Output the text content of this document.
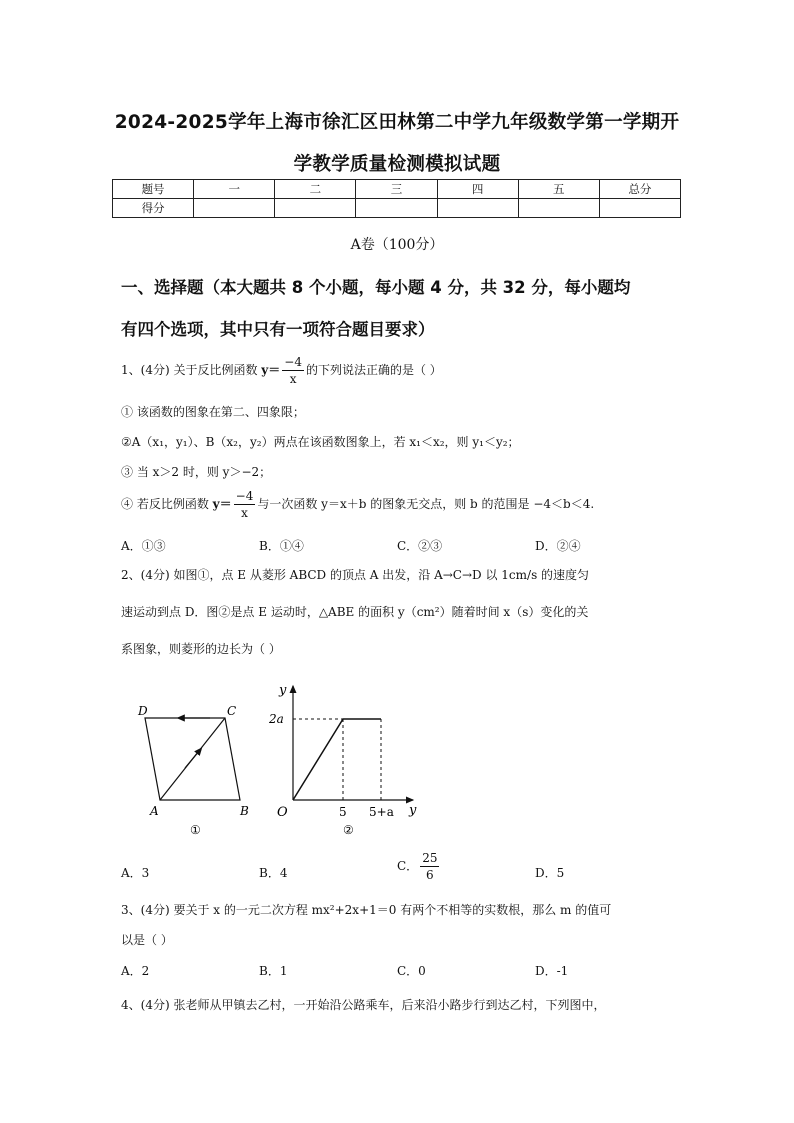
2024-2025学年上海市徐汇区田林第二中学九年级数学第一学期开
学教学质量检测模拟试题
题号	一	二	三	四	五	总分
得分						
A卷（100分）
一、选择题（本大题共 8 个小题，每小题 4 分，共 32 分，每小题均
有四个选项，其中只有一项符合题目要求）
1、(4分) 关于反比例函数 $y= \frac{-4}{x}$ 的下列说法正确的是（ ）
① 该函数的图象在第二、四象限；
②A（x₁，y₁）、B（x₂，y₂）两点在该函数图象上，若 x₁＜x₂，则 y₁＜y₂；
③ 当 x＞2 时，则 y＞−2；
④ 若反比例函数 $y= \frac{-4}{x}$ 与一次函数 y＝x＋b 的图象无交点，则 b 的范围是 −4＜b＜4.
A．①③	B．①④	C．②③	D．②④
2、(4分) 如图①，点 E 从菱形 ABCD 的顶点 A 出发，沿 A→C→D 以 1cm/s 的速度匀
速运动到点 D．图②是点 E 运动时，△ABE 的面积 y（cm²）随着时间 x（s）变化的关
系图象，则菱形的边长为（ ）
D	C
A	B
①
y
2a
O	5 5+a y
②
A．3	B．4	C． $\frac{25}{6}$	D．5
3、(4分) 要关于 x 的一元二次方程 mx²+2x+1＝0 有两个不相等的实数根，那么 m 的值可
以是（ ）
A．2	B．1	C．0	D．-1
4、(4分) 张老师从甲镇去乙村，一开始沿公路乘车，后来沿小路步行到达乙村，下列图中，
